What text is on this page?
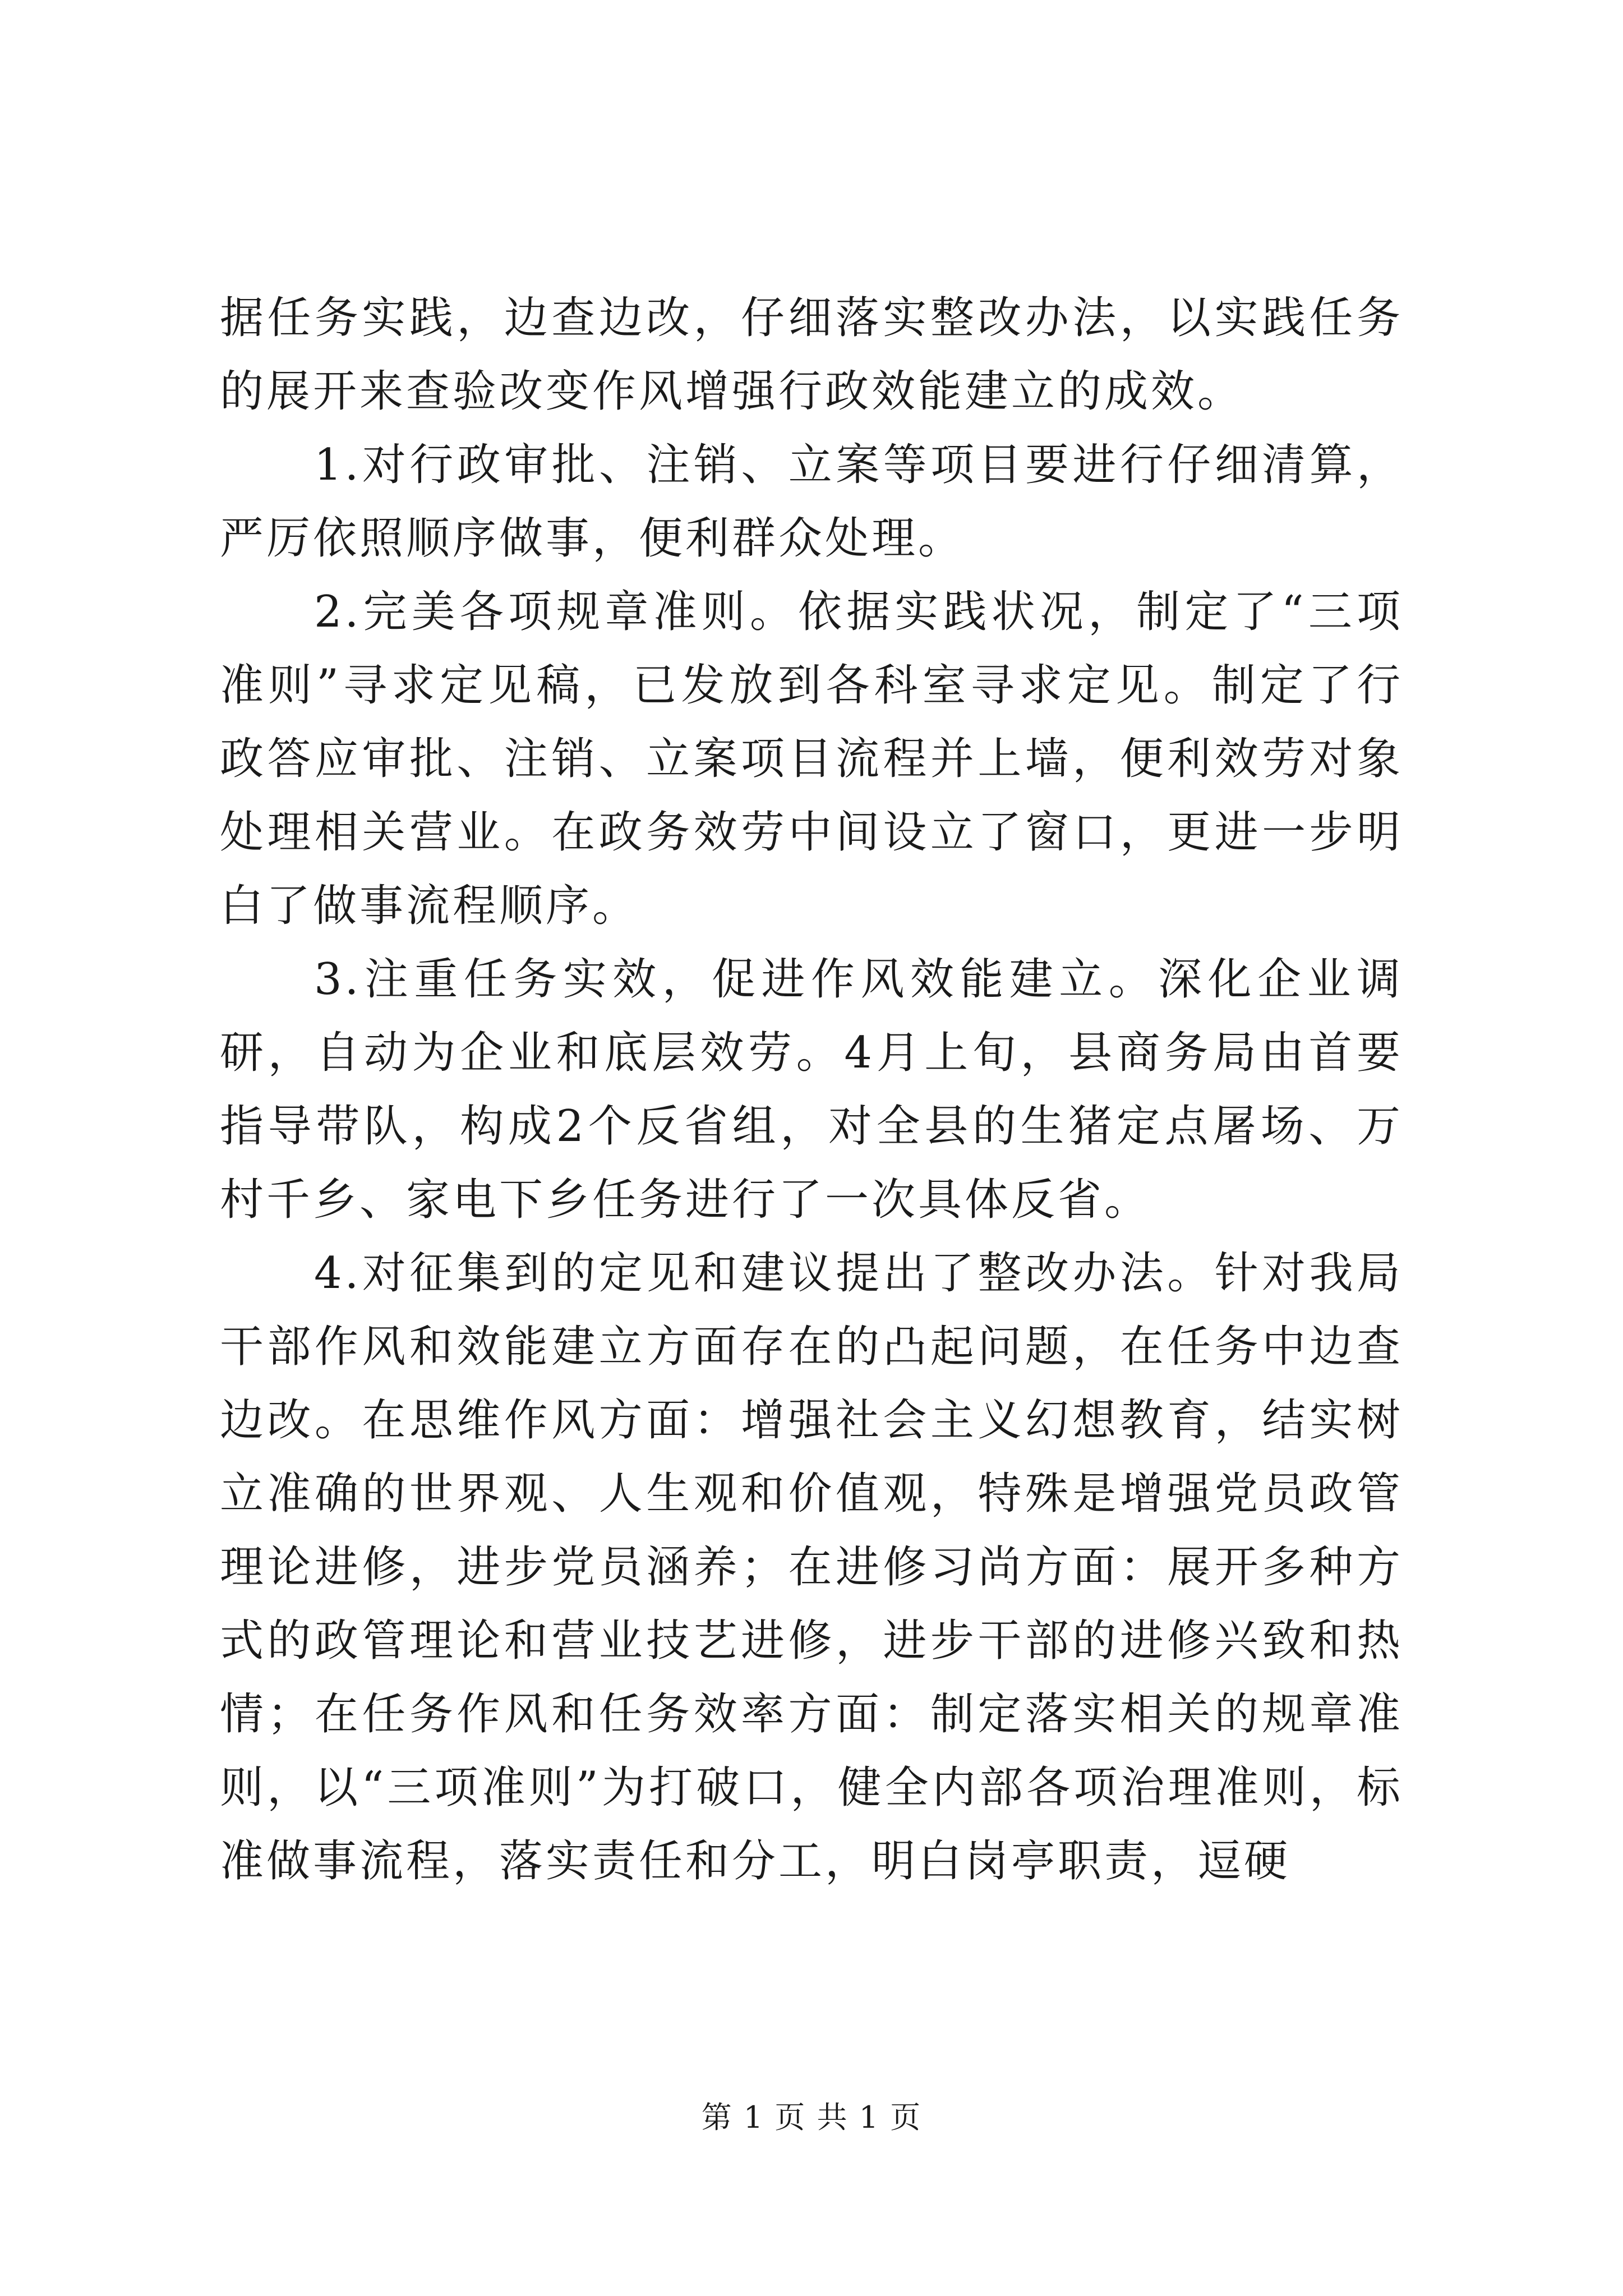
据任务实践，边查边改，仔细落实整改办法，以实践任务的展开来查验改变作风增强行政效能建立的成效。

1.对行政审批、注销、立案等项目要进行仔细清算，严厉依照顺序做事，便利群众处理。

2.完美各项规章准则。依据实践状况，制定了“三项准则”寻求定见稿，已发放到各科室寻求定见。制定了行政答应审批、注销、立案项目流程并上墙，便利效劳对象处理相关营业。在政务效劳中间设立了窗口，更进一步明白了做事流程顺序。

3.注重任务实效，促进作风效能建立。深化企业调研，自动为企业和底层效劳。4月上旬，县商务局由首要指导带队，构成2个反省组，对全县的生猪定点屠场、万村千乡、家电下乡任务进行了一次具体反省。

4.对征集到的定见和建议提出了整改办法。针对我局干部作风和效能建立方面存在的凸起问题，在任务中边查边改。在思维作风方面：增强社会主义幻想教育，结实树立准确的世界观、人生观和价值观，特殊是增强党员政管理论进修，进步党员涵养；在进修习尚方面：展开多种方式的政管理论和营业技艺进修，进步干部的进修兴致和热情；在任务作风和任务效率方面：制定落实相关的规章准则，以“三项准则”为打破口，健全内部各项治理准则，标准做事流程，落实责任和分工，明白岗亭职责，逗硬

第 1 页 共 1 页
